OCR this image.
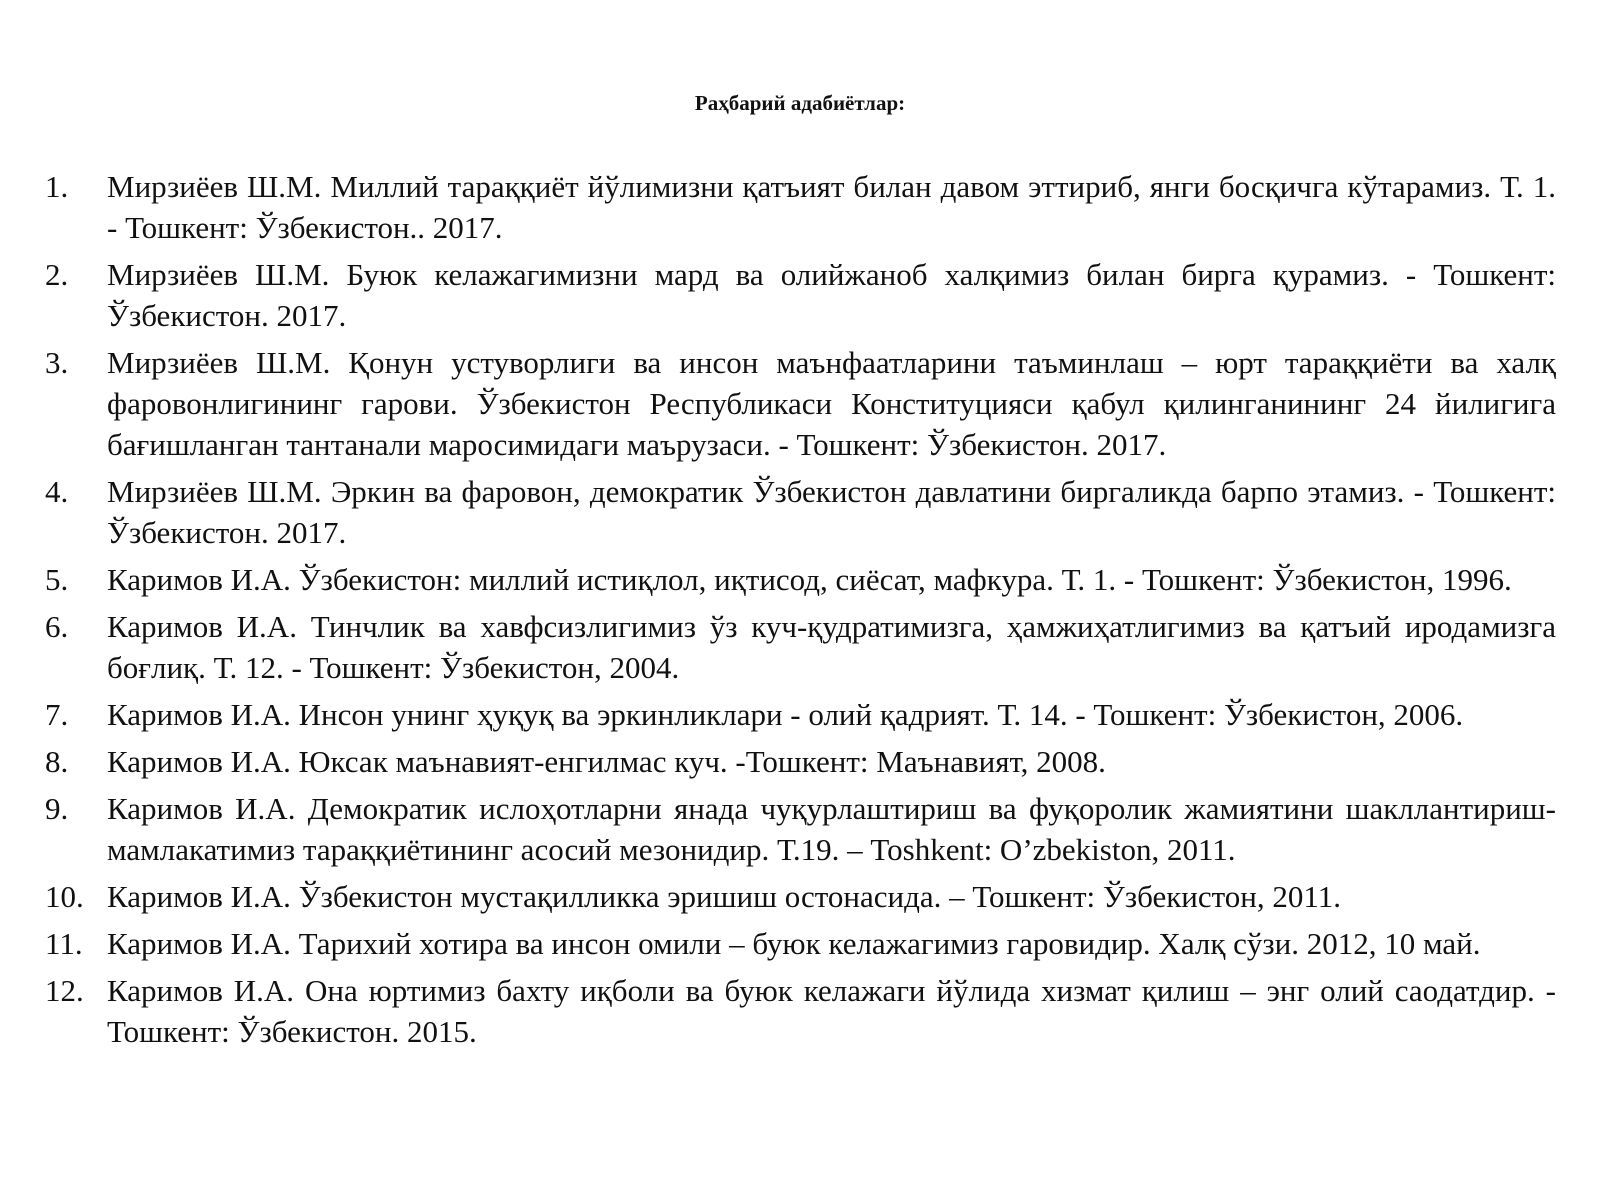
Раҳбарий адабиётлар:
1.	Мирзиёев Ш.М. Миллий тараққиёт йўлимизни қатъият билан давом эттириб, янги босқичга кўтарамиз. Т. 1. - Тошкент: Ўзбекистон.. 2017.
2.	Мирзиёев Ш.М. Буюк келажагимизни мард ва олийжаноб халқимиз билан бирга қурамиз. - Тошкент: Ўзбекистон. 2017.
3.	Мирзиёев Ш.М. Қонун устуворлиги ва инсон маънфаатларини таъминлаш – юрт тараққиёти ва халқ фаровонлигининг гарови. Ўзбекистон Республикаси Конституцияси қабул қилинганининг 24 йилигига бағишланган тантанали маросимидаги маърузаси. - Тошкент: Ўзбекистон. 2017.
4.	Мирзиёев Ш.М. Эркин ва фаровон, демократик Ўзбекистон давлатини биргаликда барпо этамиз. - Тошкент: Ўзбекистон. 2017.
5.	Каримов И.А. Ўзбекистон: миллий истиқлол, иқтисод, сиёсат, мафкура. Т. 1. - Тошкент: Ўзбекистон, 1996.
6.	Каримов И.А. Тинчлик ва хавфсизлигимиз ўз куч-қудратимизга, ҳамжиҳатлигимиз ва қатъий иродамизга боғлиқ. Т. 12. - Тошкент: Ўзбекистон, 2004.
7.	Каримов И.А. Инсон унинг ҳуқуқ ва эркинликлари - олий қадрият. Т. 14. - Тошкент: Ўзбекистон, 2006.
8.	Каримов И.А. Юксак маънавият-енгилмас куч. -Тошкент: Маънавият, 2008.
9.	Каримов И.А. Демократик ислоҳотларни янада чуқурлаштириш ва фуқоролик жамиятини шакллантириш-мамлакатимиз тараққиётининг асосий мезонидир. Т.19. – Toshkent: O’zbekiston, 2011.
10. Каримов И.А. Ўзбекистон мустақилликка эришиш остонасида. – Тошкент: Ўзбекистон, 2011.
11. Каримов И.А. Тарихий хотира ва инсон омили – буюк келажагимиз гаровидир. Халқ сўзи. 2012, 10 май.
12. Каримов И.А. Она юртимиз бахту иқболи ва буюк келажаги йўлида хизмат қилиш – энг олий саодатдир. - Тошкент: Ўзбекистон. 2015.
